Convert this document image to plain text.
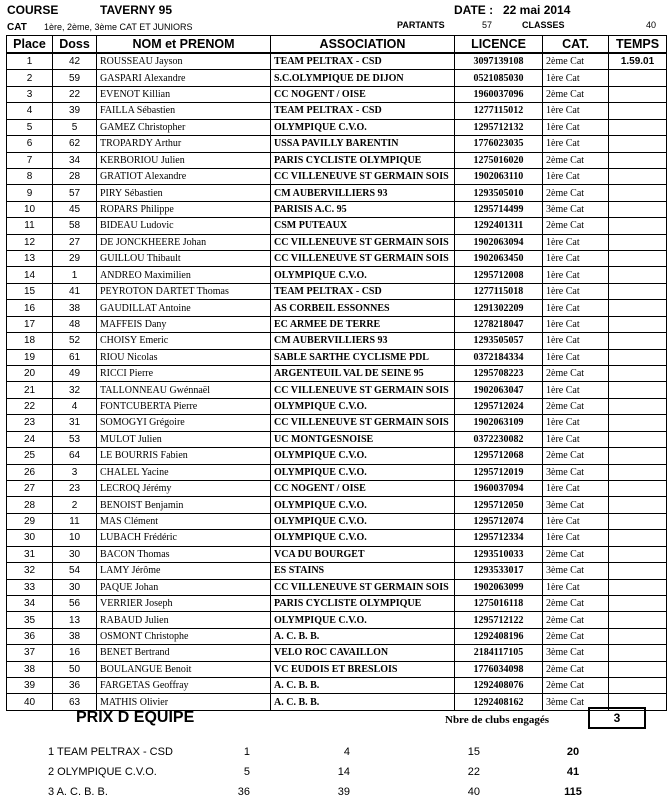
COURSE	TAVERNY 95	DATE : 22 mai 2014
CAT 1ère, 2ème, 3ème CAT ET JUNIORS	PARTANTS	57	CLASSES	40
Place	Doss	NOM et PRENOM	ASSOCIATION	LICENCE	CAT.	TEMPS
1	42	ROUSSEAU Jayson	TEAM PELTRAX - CSD	3097139108	2ème Cat	1.59.01
2	59	GASPARI Alexandre	S.C.OLYMPIQUE DE DIJON	0521085030	1ère Cat	
3	22	EVENOT Killian	CC NOGENT / OISE	1960037096	2ème Cat	
4	39	FAILLA Sébastien	TEAM PELTRAX - CSD	1277115012	1ère Cat	
5	5	GAMEZ Christopher	OLYMPIQUE C.V.O.	1295712132	1ère Cat	
6	62	TROPARDY Arthur	USSA PAVILLY BARENTIN	1776023035	1ère Cat	
7	34	KERBORIOU Julien	PARIS CYCLISTE OLYMPIQUE	1275016020	2ème Cat	
8	28	GRATIOT Alexandre	CC VILLENEUVE ST GERMAIN SOIS	1902063110	1ère Cat	
9	57	PIRY Sébastien	CM AUBERVILLIERS 93	1293505010	2ème Cat	
10	45	ROPARS Philippe	PARISIS A.C. 95	1295714499	3ème Cat	
11	58	BIDEAU Ludovic	CSM PUTEAUX	1292401311	2ème Cat	
12	27	DE JONCKHEERE Johan	CC VILLENEUVE ST GERMAIN SOIS	1902063094	1ère Cat	
13	29	GUILLOU Thibault	CC VILLENEUVE ST GERMAIN SOIS	1902063450	1ère Cat	
14	1	ANDREO Maximilien	OLYMPIQUE C.V.O.	1295712008	1ère Cat	
15	41	PEYROTON DARTET Thomas	TEAM PELTRAX - CSD	1277115018	1ère Cat	
16	38	GAUDILLAT Antoine	AS CORBEIL ESSONNES	1291302209	1ère Cat	
17	48	MAFFEIS Dany	EC ARMEE DE TERRE	1278218047	1ère Cat	
18	52	CHOISY Emeric	CM AUBERVILLIERS 93	1293505057	1ère Cat	
19	61	RIOU Nicolas	SABLE SARTHE CYCLISME PDL	0372184334	1ère Cat	
20	49	RICCI Pierre	ARGENTEUIL VAL DE SEINE 95	1295708223	2ème Cat	
21	32	TALLONNEAU Gwénnaël	CC VILLENEUVE ST GERMAIN SOIS	1902063047	1ère Cat	
22	4	FONTCUBERTA Pierre	OLYMPIQUE C.V.O.	1295712024	2ème Cat	
23	31	SOMOGYI Grégoire	CC VILLENEUVE ST GERMAIN SOIS	1902063109	1ère Cat	
24	53	MULOT Julien	UC MONTGESNOISE	0372230082	1ère Cat	
25	64	LE BOURRIS Fabien	OLYMPIQUE C.V.O.	1295712068	2ème Cat	
26	3	CHALEL Yacine	OLYMPIQUE C.V.O.	1295712019	3ème Cat	
27	23	LECROQ Jérémy	CC NOGENT / OISE	1960037094	1ère Cat	
28	2	BENOIST Benjamin	OLYMPIQUE C.V.O.	1295712050	3ème Cat	
29	11	MAS Clément	OLYMPIQUE C.V.O.	1295712074	1ère Cat	
30	10	LUBACH Frédéric	OLYMPIQUE C.V.O.	1295712334	1ère Cat	
31	30	BACON Thomas	VCA DU BOURGET	1293510033	2ème Cat	
32	54	LAMY Jérôme	ES STAINS	1293533017	3ème Cat	
33	30	PAQUE Johan	CC VILLENEUVE ST GERMAIN SOIS	1902063099	1ère Cat	
34	56	VERRIER Joseph	PARIS CYCLISTE OLYMPIQUE	1275016118	2ème Cat	
35	13	RABAUD Julien	OLYMPIQUE C.V.O.	1295712122	2ème Cat	
36	38	OSMONT Christophe	A. C. B. B.	1292408196	2ème Cat	
37	16	BENET Bertrand	VELO ROC CAVAILLON	2184117105	3ème Cat	
38	50	BOULANGUE Benoit	VC EUDOIS ET BRESLOIS	1776034098	2ème Cat	
39	36	FARGETAS Geoffray	A. C. B. B.	1292408076	2ème Cat	
40	63	MATHIS Olivier	A. C. B. B.	1292408162	3ème Cat	
PRIX D EQUIPE	Nbre de clubs engagés	3
1 TEAM PELTRAX - CSD	1	4	15	20
2 OLYMPIQUE C.V.O.	5	14	22	41
3 A. C. B. B.	36	39	40	115
